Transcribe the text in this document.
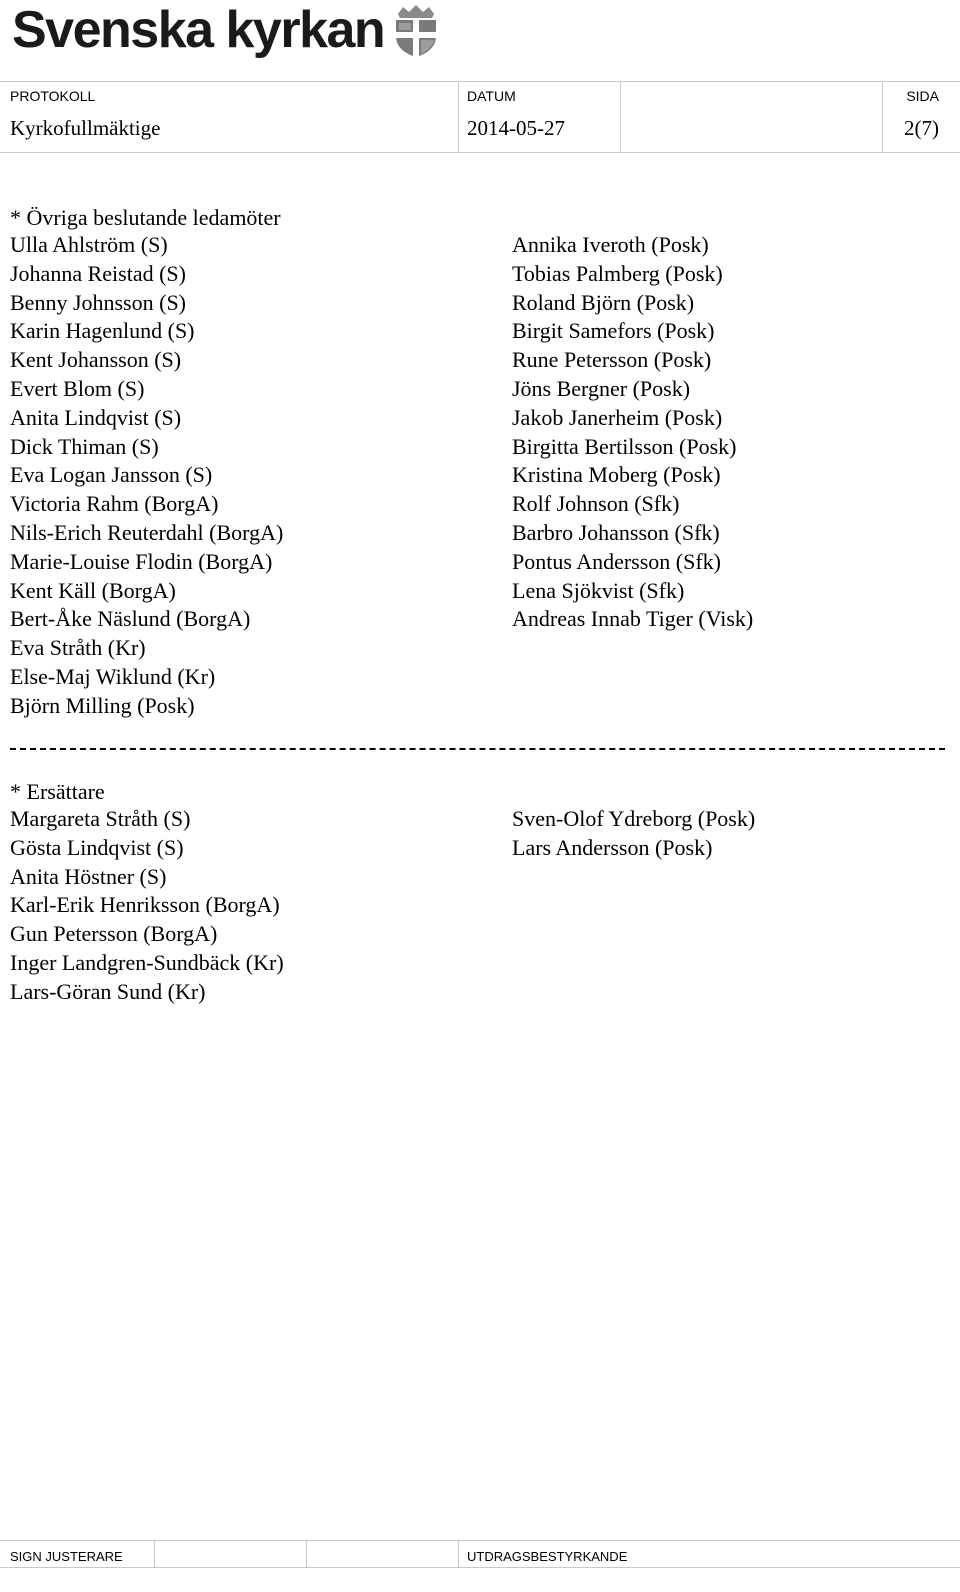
Svenska kyrkan
PROTOKOLL
Kyrkofullmäktige
DATUM
2014-05-27
SIDA
2(7)
* Övriga beslutande ledamöter
Ulla Ahlström (S)
Johanna Reistad (S)
Benny Johnsson (S)
Karin Hagenlund (S)
Kent Johansson (S)
Evert Blom (S)
Anita Lindqvist (S)
Dick Thiman (S)
Eva Logan Jansson (S)
Victoria Rahm (BorgA)
Nils-Erich Reuterdahl (BorgA)
Marie-Louise Flodin (BorgA)
Kent Käll (BorgA)
Bert-Åke Näslund (BorgA)
Eva Stråth (Kr)
Else-Maj Wiklund (Kr)
Björn Milling (Posk)
Annika Iveroth (Posk)
Tobias Palmberg (Posk)
Roland Björn (Posk)
Birgit Samefors (Posk)
Rune Petersson (Posk)
Jöns Bergner (Posk)
Jakob Janerheim (Posk)
Birgitta Bertilsson (Posk)
Kristina Moberg (Posk)
Rolf Johnson (Sfk)
Barbro Johansson (Sfk)
Pontus Andersson (Sfk)
Lena Sjökvist (Sfk)
Andreas Innab Tiger (Visk)
* Ersättare
Margareta Stråth (S)
Gösta Lindqvist (S)
Anita Höstner (S)
Karl-Erik Henriksson (BorgA)
Gun Petersson (BorgA)
Inger Landgren-Sundbäck (Kr)
Lars-Göran Sund (Kr)
Sven-Olof Ydreborg (Posk)
Lars Andersson (Posk)
SIGN JUSTERARE	UTDRAGSBESTYRKANDE
